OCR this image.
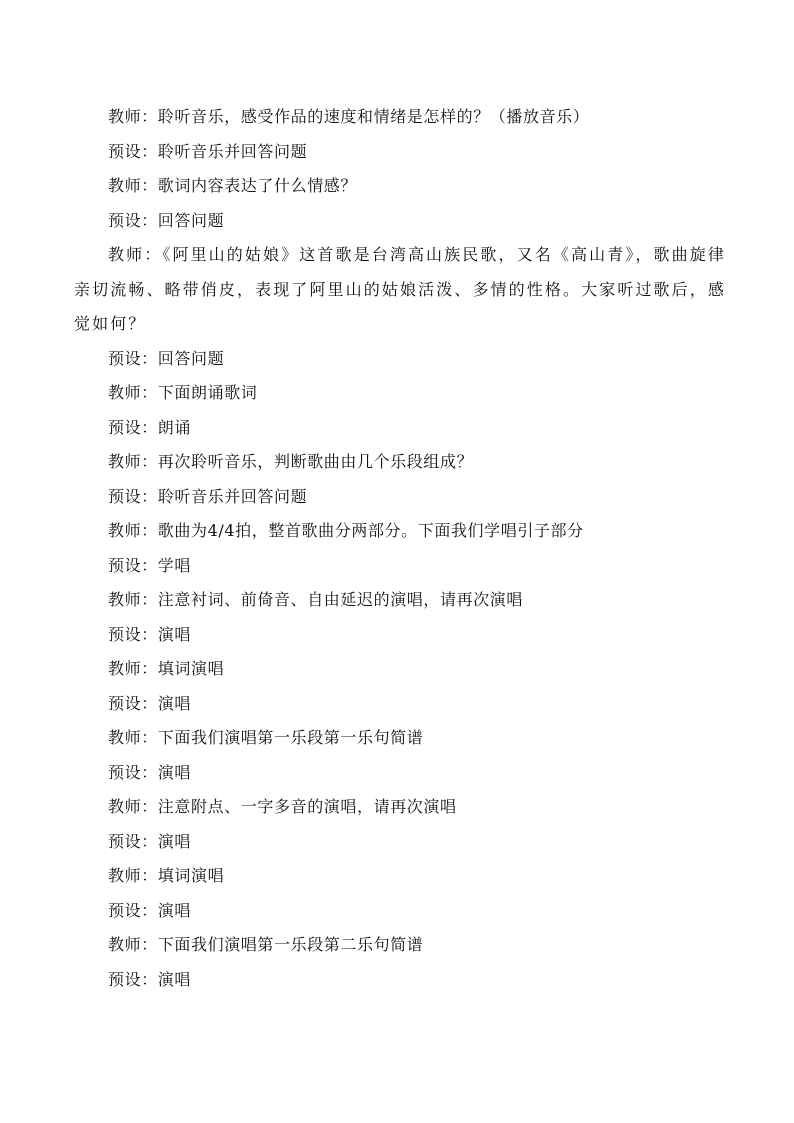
教师：聆听音乐，感受作品的速度和情绪是怎样的？（播放音乐）

预设：聆听音乐并回答问题

教师：歌词内容表达了什么情感？

预设：回答问题

教师：《阿里山的姑娘》这首歌是台湾高山族民歌，又名《高山青》，歌曲旋律亲切流畅、略带俏皮，表现了阿里山的姑娘活泼、多情的性格。大家听过歌后，感觉如何？

预设：回答问题

教师：下面朗诵歌词

预设：朗诵

教师：再次聆听音乐，判断歌曲由几个乐段组成？

预设：聆听音乐并回答问题

教师：歌曲为4/4拍，整首歌曲分两部分。下面我们学唱引子部分

预设：学唱

教师：注意衬词、前倚音、自由延迟的演唱，请再次演唱

预设：演唱

教师：填词演唱

预设：演唱

教师：下面我们演唱第一乐段第一乐句简谱

预设：演唱

教师：注意附点、一字多音的演唱，请再次演唱

预设：演唱

教师：填词演唱

预设：演唱

教师：下面我们演唱第一乐段第二乐句简谱

预设：演唱
